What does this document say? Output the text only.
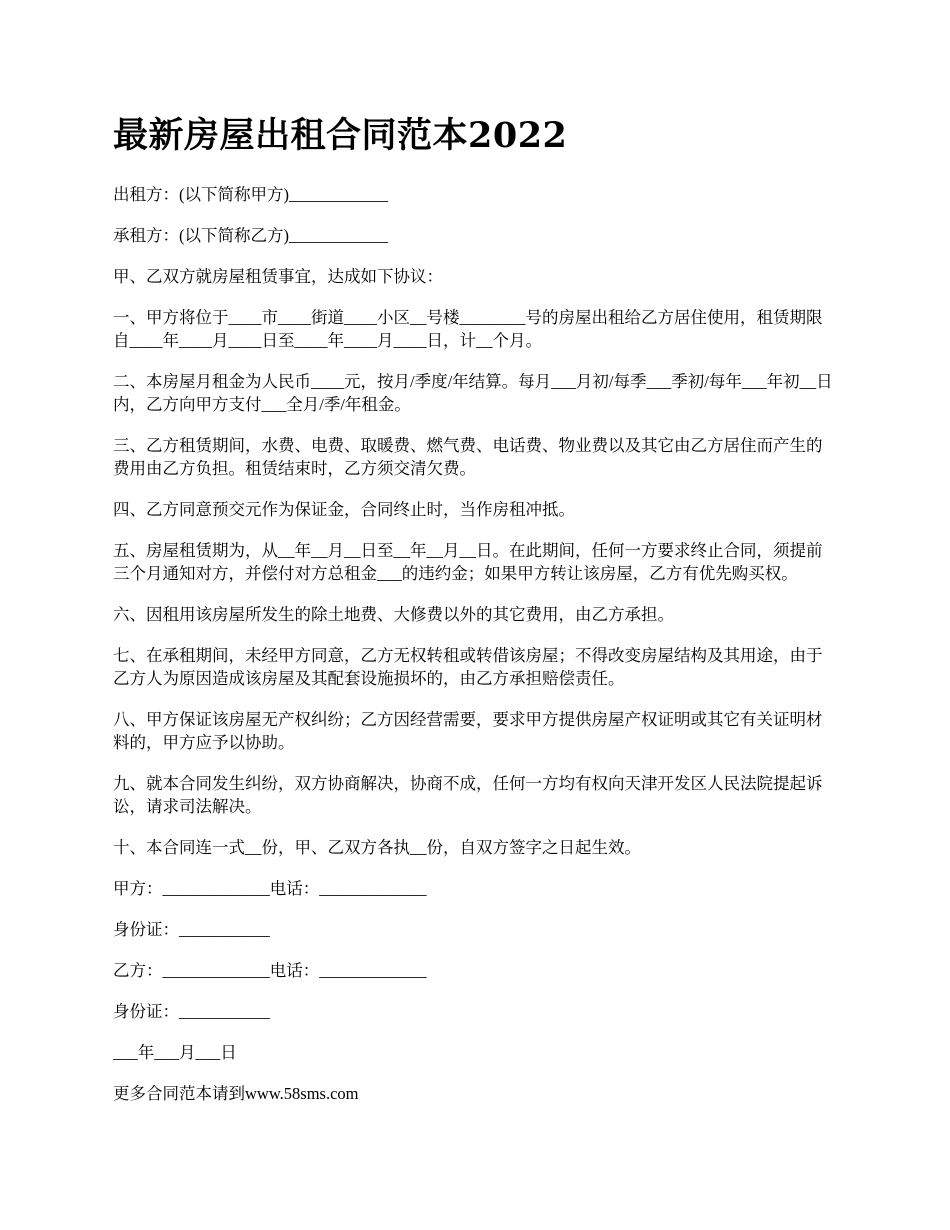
最新房屋出租合同范本2022

出租方：(以下简称甲方)____________

承租方：(以下简称乙方)____________

甲、乙双方就房屋租赁事宜，达成如下协议：

一、甲方将位于____市____街道____小区__号楼________号的房屋出租给乙方居住使用，租赁期限自____年____月____日至____年____月____日，计__个月。

二、本房屋月租金为人民币____元，按月/季度/年结算。每月___月初/每季___季初/每年___年初__日内，乙方向甲方支付___全月/季/年租金。

三、乙方租赁期间，水费、电费、取暖费、燃气费、电话费、物业费以及其它由乙方居住而产生的费用由乙方负担。租赁结束时，乙方须交清欠费。

四、乙方同意预交元作为保证金，合同终止时，当作房租冲抵。

五、房屋租赁期为，从__年__月__日至__年__月__日。在此期间，任何一方要求终止合同，须提前三个月通知对方，并偿付对方总租金___的违约金；如果甲方转让该房屋，乙方有优先购买权。

六、因租用该房屋所发生的除土地费、大修费以外的其它费用，由乙方承担。

七、在承租期间，未经甲方同意，乙方无权转租或转借该房屋；不得改变房屋结构及其用途，由于乙方人为原因造成该房屋及其配套设施损坏的，由乙方承担赔偿责任。

八、甲方保证该房屋无产权纠纷；乙方因经营需要，要求甲方提供房屋产权证明或其它有关证明材料的，甲方应予以协助。

九、就本合同发生纠纷，双方协商解决，协商不成，任何一方均有权向天津开发区人民法院提起诉讼，请求司法解决。

十、本合同连一式__份，甲、乙双方各执__份，自双方签字之日起生效。

甲方：_____________电话：_____________

身份证：___________

乙方：_____________电话：_____________

身份证：___________

___年___月___日

更多合同范本请到www.58sms.com
